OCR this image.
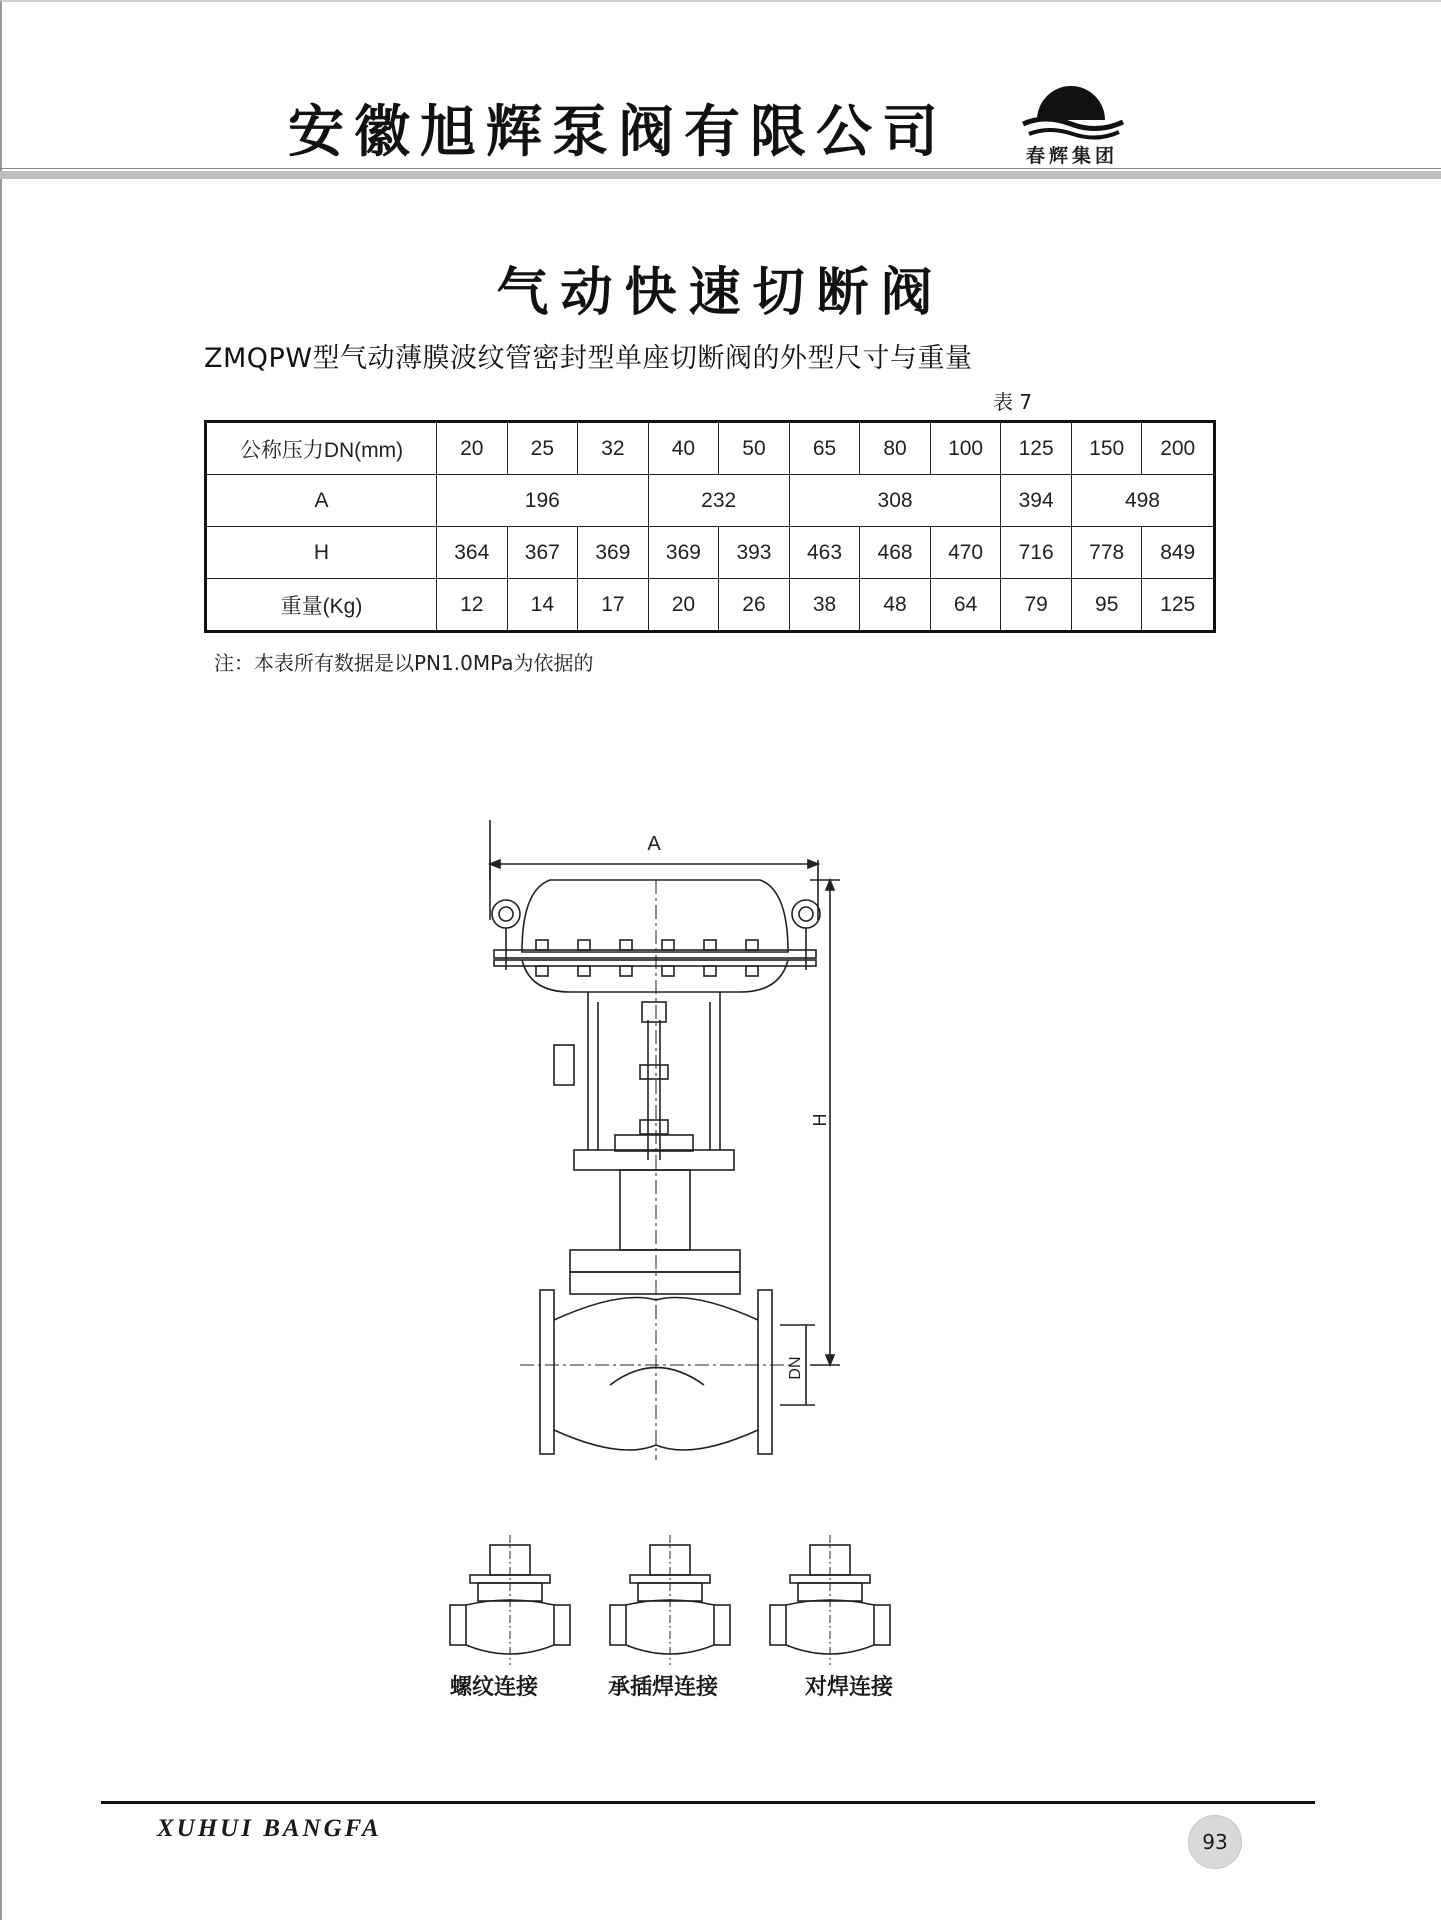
安徽旭辉泵阀有限公司	春辉集团
气动快速切断阀
ZMQPW型气动薄膜波纹管密封型单座切断阀的外型尺寸与重量
表 7
公称压力DN(mm)	20	25	32	40	50	65	80	100	125	150	200
A	196			232		308			394	498	
H	364	367	369	369	393	463	468	470	716	778	849
重量(Kg)	12	14	17	20	26	38	48	64	79	95	125
注：本表所有数据是以PN1.0MPa为依据的
A
H
DN
螺纹连接	承插焊连接	对焊连接
XUHUI BANGFA	93
